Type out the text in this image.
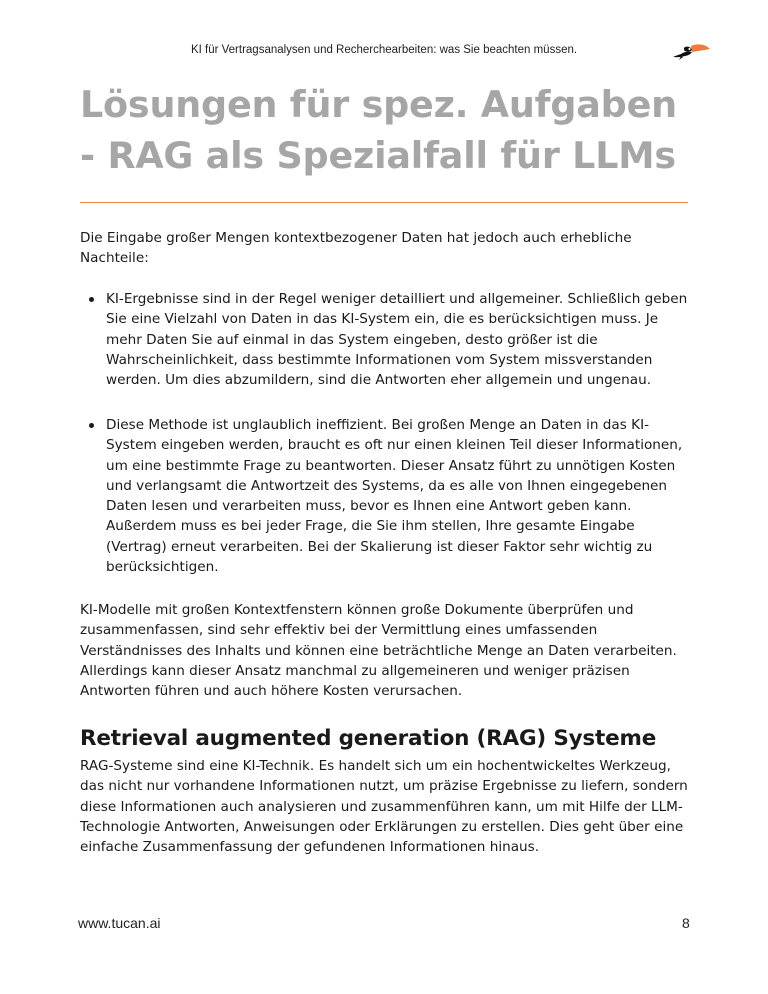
KI für Vertragsanalysen und Recherchearbeiten: was Sie beachten müssen.
Lösungen für spez. Aufgaben - RAG als Spezialfall für LLMs

Die Eingabe großer Mengen kontextbezogener Daten hat jedoch auch erhebliche Nachteile:

KI-Ergebnisse sind in der Regel weniger detailliert und allgemeiner. Schließlich geben Sie eine Vielzahl von Daten in das KI-System ein, die es berücksichtigen muss. Je mehr Daten Sie auf einmal in das System eingeben, desto größer ist die Wahrscheinlichkeit, dass bestimmte Informationen vom System missverstanden werden. Um dies abzumildern, sind die Antworten eher allgemein und ungenau.
Diese Methode ist unglaublich ineffizient. Bei großen Menge an Daten in das KI-System eingeben werden, braucht es oft nur einen kleinen Teil dieser Informationen, um eine bestimmte Frage zu beantworten. Dieser Ansatz führt zu unnötigen Kosten und verlangsamt die Antwortzeit des Systems, da es alle von Ihnen eingegebenen Daten lesen und verarbeiten muss, bevor es Ihnen eine Antwort geben kann. Außerdem muss es bei jeder Frage, die Sie ihm stellen, Ihre gesamte Eingabe (Vertrag) erneut verarbeiten. Bei der Skalierung ist dieser Faktor sehr wichtig zu berücksichtigen.

KI-Modelle mit großen Kontextfenstern können große Dokumente überprüfen und zusammenfassen, sind sehr effektiv bei der Vermittlung eines umfassenden Verständnisses des Inhalts und können eine beträchtliche Menge an Daten verarbeiten. Allerdings kann dieser Ansatz manchmal zu allgemeineren und weniger präzisen Antworten führen und auch höhere Kosten verursachen.

Retrieval augmented generation (RAG) Systeme

RAG-Systeme sind eine KI-Technik. Es handelt sich um ein hochentwickeltes Werkzeug, das nicht nur vorhandene Informationen nutzt, um präzise Ergebnisse zu liefern, sondern diese Informationen auch analysieren und zusammenführen kann, um mit Hilfe der LLM-Technologie Antworten, Anweisungen oder Erklärungen zu erstellen. Dies geht über eine einfache Zusammenfassung der gefundenen Informationen hinaus.

www.tucan.ai	8
